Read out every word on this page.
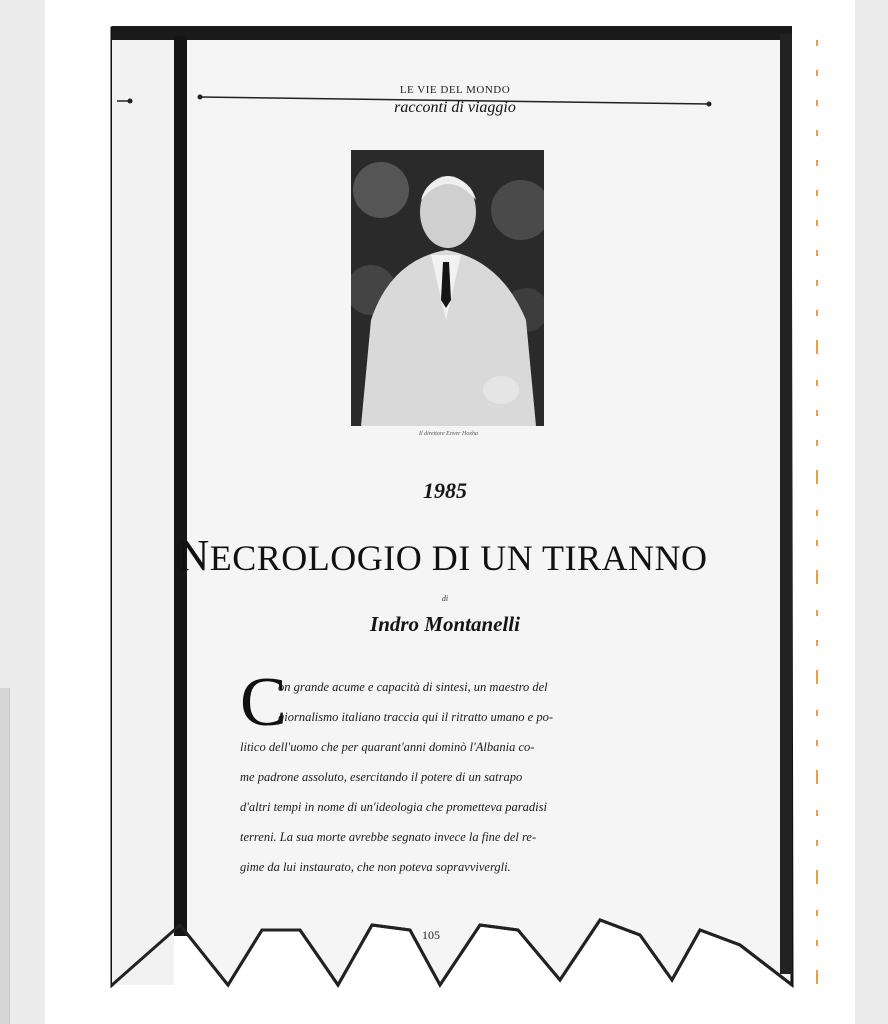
LE VIE DEL MONDO
racconti di viaggio
Il direttore Enver Hoxha
1985
NECROLOGIO DI UN TIRANNO
di
Indro Montanelli
C
on grande acume e capacità di sintesi, un maestro del
giornalismo italiano traccia qui il ritratto umano e po-
litico dell'uomo che per quarant'anni dominò l'Albania co-
me padrone assoluto, esercitando il potere di un satrapo
d'altri tempi in nome di un'ideologia che prometteva paradisi
terreni. La sua morte avrebbe segnato invece la fine del re-
gime da lui instaurato, che non poteva sopravvivergli.
105
